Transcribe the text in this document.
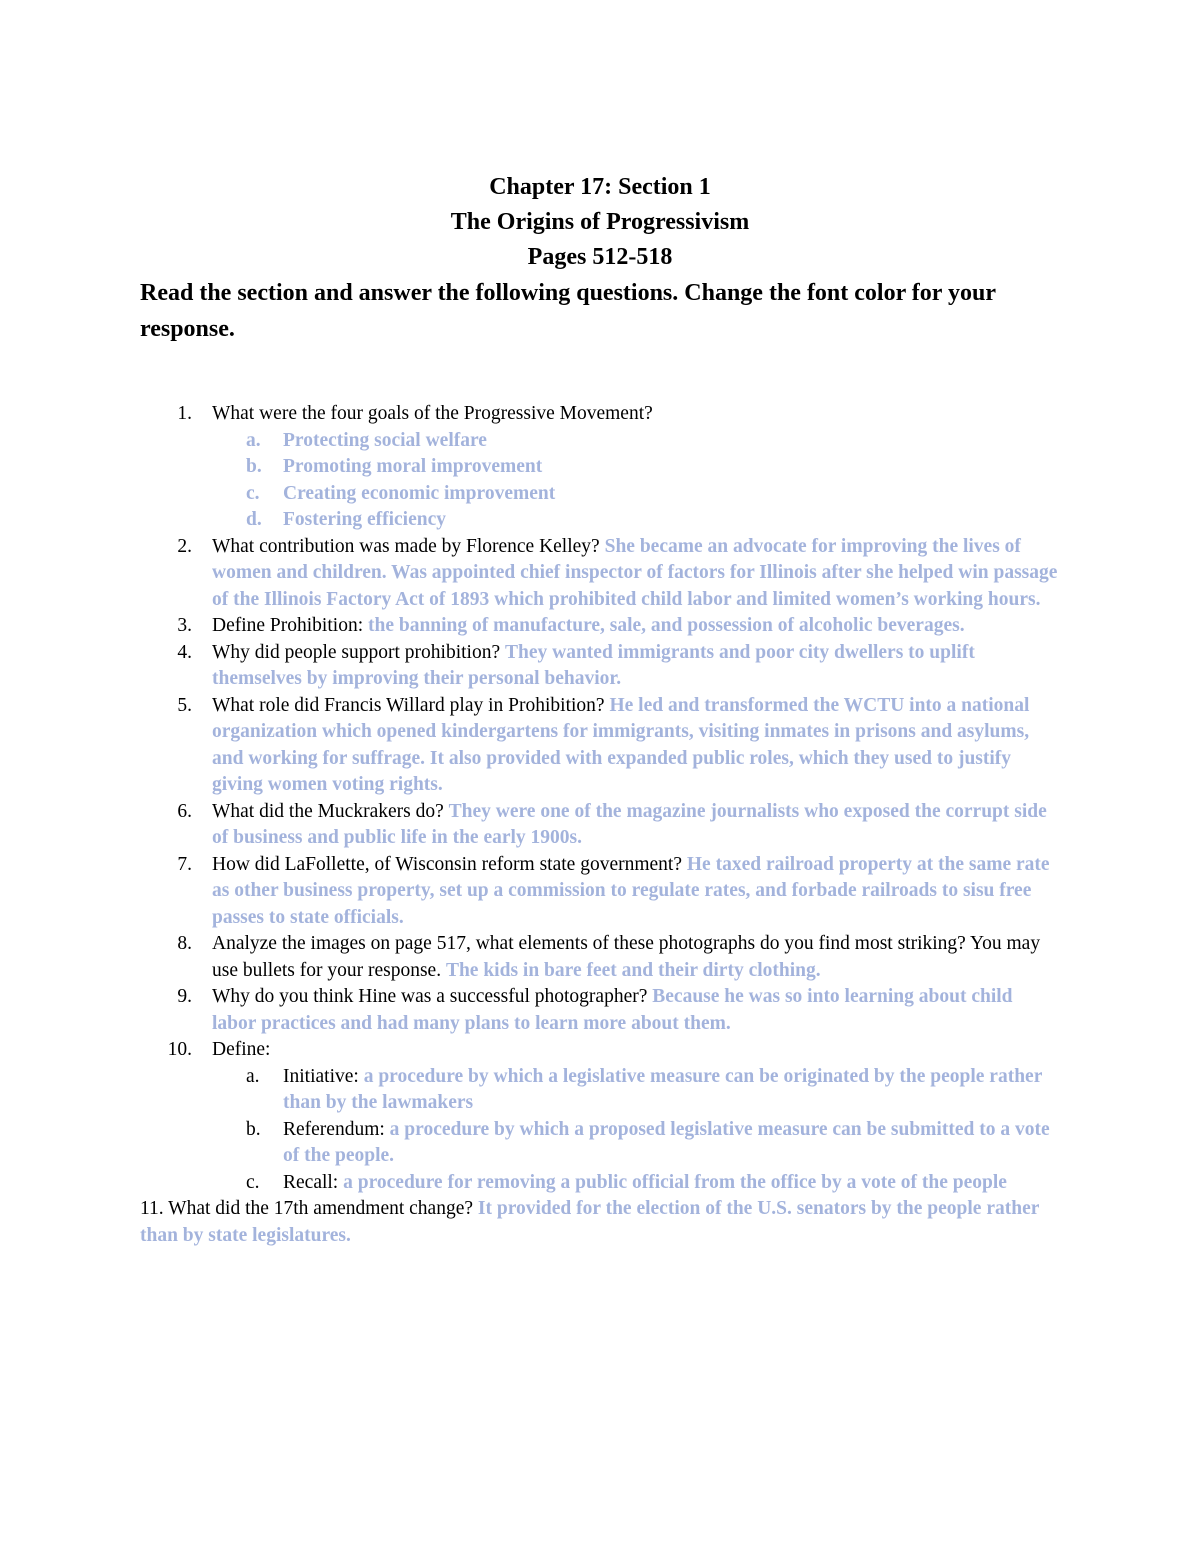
Chapter 17: Section 1
The Origins of Progressivism
Pages 512-518
Read the section and answer the following questions. Change the font color for your response.
1. What were the four goals of the Progressive Movement?
a. Protecting social welfare
b. Promoting moral improvement
c. Creating economic improvement
d. Fostering efficiency
2. What contribution was made by Florence Kelley? She became an advocate for improving the lives of women and children. Was appointed chief inspector of factors for Illinois after she helped win passage of the Illinois Factory Act of 1893 which prohibited child labor and limited women’s working hours.
3. Define Prohibition: the banning of manufacture, sale, and possession of alcoholic beverages.
4. Why did people support prohibition? They wanted immigrants and poor city dwellers to uplift themselves by improving their personal behavior.
5. What role did Francis Willard play in Prohibition? He led and transformed the WCTU into a national organization which opened kindergartens for immigrants, visiting inmates in prisons and asylums, and working for suffrage. It also provided with expanded public roles, which they used to justify giving women voting rights.
6. What did the Muckrakers do? They were one of the magazine journalists who exposed the corrupt side of business and public life in the early 1900s.
7. How did LaFollette, of Wisconsin reform state government? He taxed railroad property at the same rate as other business property, set up a commission to regulate rates, and forbade railroads to sisu free passes to state officials.
8. Analyze the images on page 517, what elements of these photographs do you find most striking? You may use bullets for your response. The kids in bare feet and their dirty clothing.
9. Why do you think Hine was a successful photographer? Because he was so into learning about child labor practices and had many plans to learn more about them.
10. Define:
a. Initiative: a procedure by which a legislative measure can be originated by the people rather than by the lawmakers
b. Referendum: a procedure by which a proposed legislative measure can be submitted to a vote of the people.
c. Recall: a procedure for removing a public official from the office by a vote of the people
11. What did the 17th amendment change? It provided for the election of the U.S. senators by the people rather than by state legislatures.
